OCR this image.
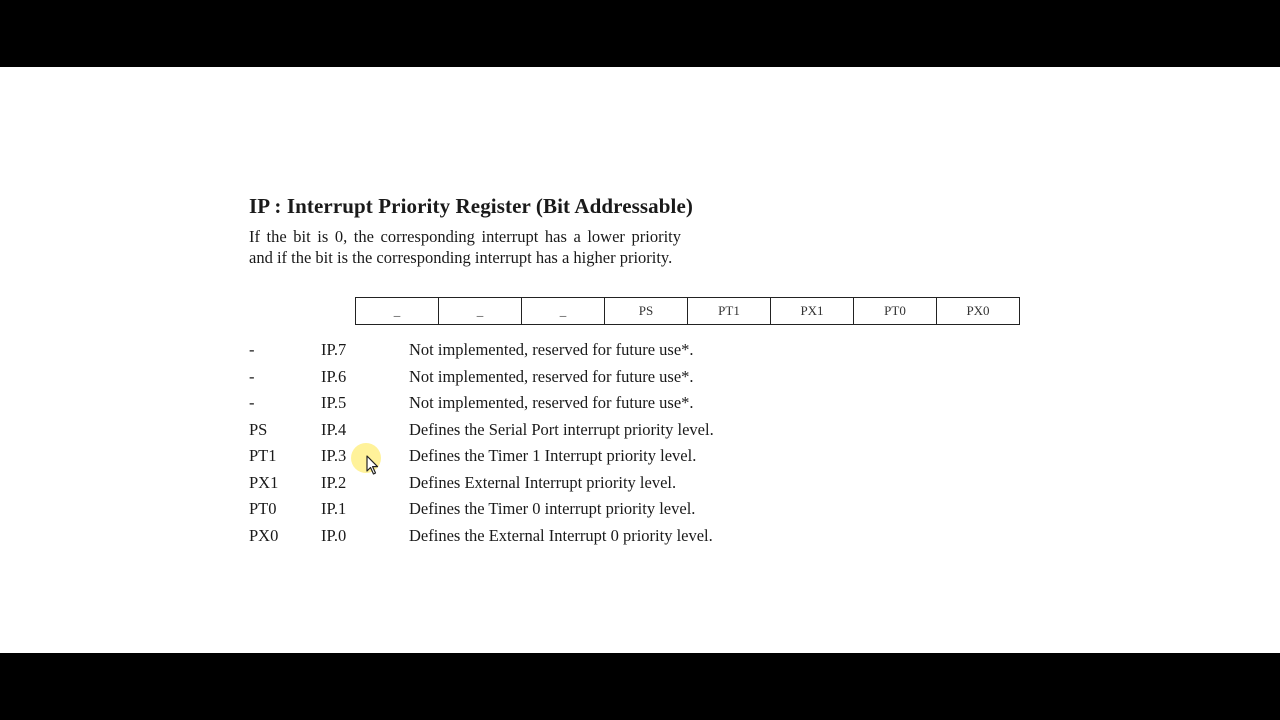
IP : Interrupt Priority Register (Bit Addressable)

If the bit is 0, the corresponding interrupt has a lower priority and if the bit is the corresponding interrupt has a higher priority.

_	_	_	PS	PT1	PX1	PT0	PX0
-	IP.7	Not implemented, reserved for future use*.
-	IP.6	Not implemented, reserved for future use*.
-	IP.5	Not implemented, reserved for future use*.
PS	IP.4	Defines the Serial Port interrupt priority level.
PT1	IP.3	Defines the Timer 1 Interrupt priority level.
PX1	IP.2	Defines External Interrupt priority level.
PT0	IP.1	Defines the Timer 0 interrupt priority level.
PX0	IP.0	Defines the External Interrupt 0 priority level.
